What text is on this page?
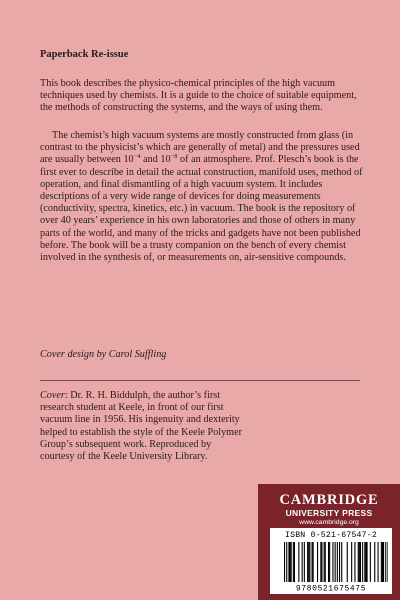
Paperback Re-issue

This book describes the physico-chemical principles of the high vacuum techniques used by chemists. It is a guide to the choice of suitable equipment, the methods of constructing the systems, and the ways of using them.

The chemist’s high vacuum systems are mostly constructed from glass (in contrast to the physicist’s which are generally of metal) and the pressures used are usually between $10^{-4}$ and $10^{-8}$ of an atmosphere. Prof. Plesch’s book is the first ever to describe in detail the actual construction, manifold uses, method of operation, and final dismantling of a high vacuum system. It includes descriptions of a very wide range of devices for doing measurements (conductivity, spectra, kinetics, etc.) in vacuum. The book is the repository of over 40 years’ experience in his own laboratories and those of others in many parts of the world, and many of the tricks and gadgets have not been published before. The book will be a trusty companion on the bench of every chemist involved in the synthesis of, or measurements on, air-sensitive compounds.

Cover design by Carol Suffling

Cover: Dr. R. H. Biddulph, the author’s first research student at Keele, in front of our first vacuum line in 1956. His ingenuity and dexterity helped to establish the style of the Keele Polymer Group’s subsequent work. Reproduced by courtesy of the Keele University Library.

CAMBRIDGE
UNIVERSITY PRESS
www.cambridge.org
ISBN 0-521-67547-2
9780521675475
